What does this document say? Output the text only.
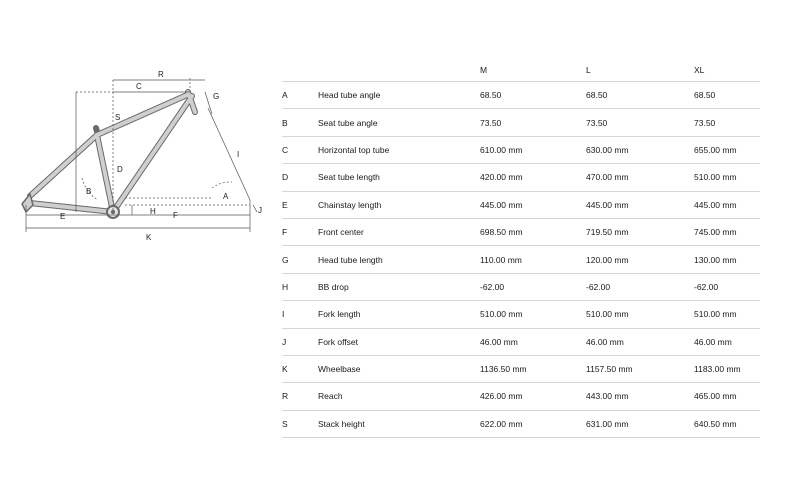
R
C
G
S
I
D
B
A
H
E	F
J
K
		M	L	XL
A	Head tube angle	68.50	68.50	68.50
B	Seat tube angle	73.50	73.50	73.50
C	Horizontal top tube	610.00 mm	630.00 mm	655.00 mm
D	Seat tube length	420.00 mm	470.00 mm	510.00 mm
E	Chainstay length	445.00 mm	445.00 mm	445.00 mm
F	Front center	698.50 mm	719.50 mm	745.00 mm
G	Head tube length	110.00 mm	120.00 mm	130.00 mm
H	BB drop	-62.00	-62.00	-62.00
I	Fork length	510.00 mm	510.00 mm	510.00 mm
J	Fork offset	46.00 mm	46.00 mm	46.00 mm
K	Wheelbase	1136.50 mm	1157.50 mm	1183.00 mm
R	Reach	426.00 mm	443.00 mm	465.00 mm
S	Stack height	622.00 mm	631.00 mm	640.50 mm
